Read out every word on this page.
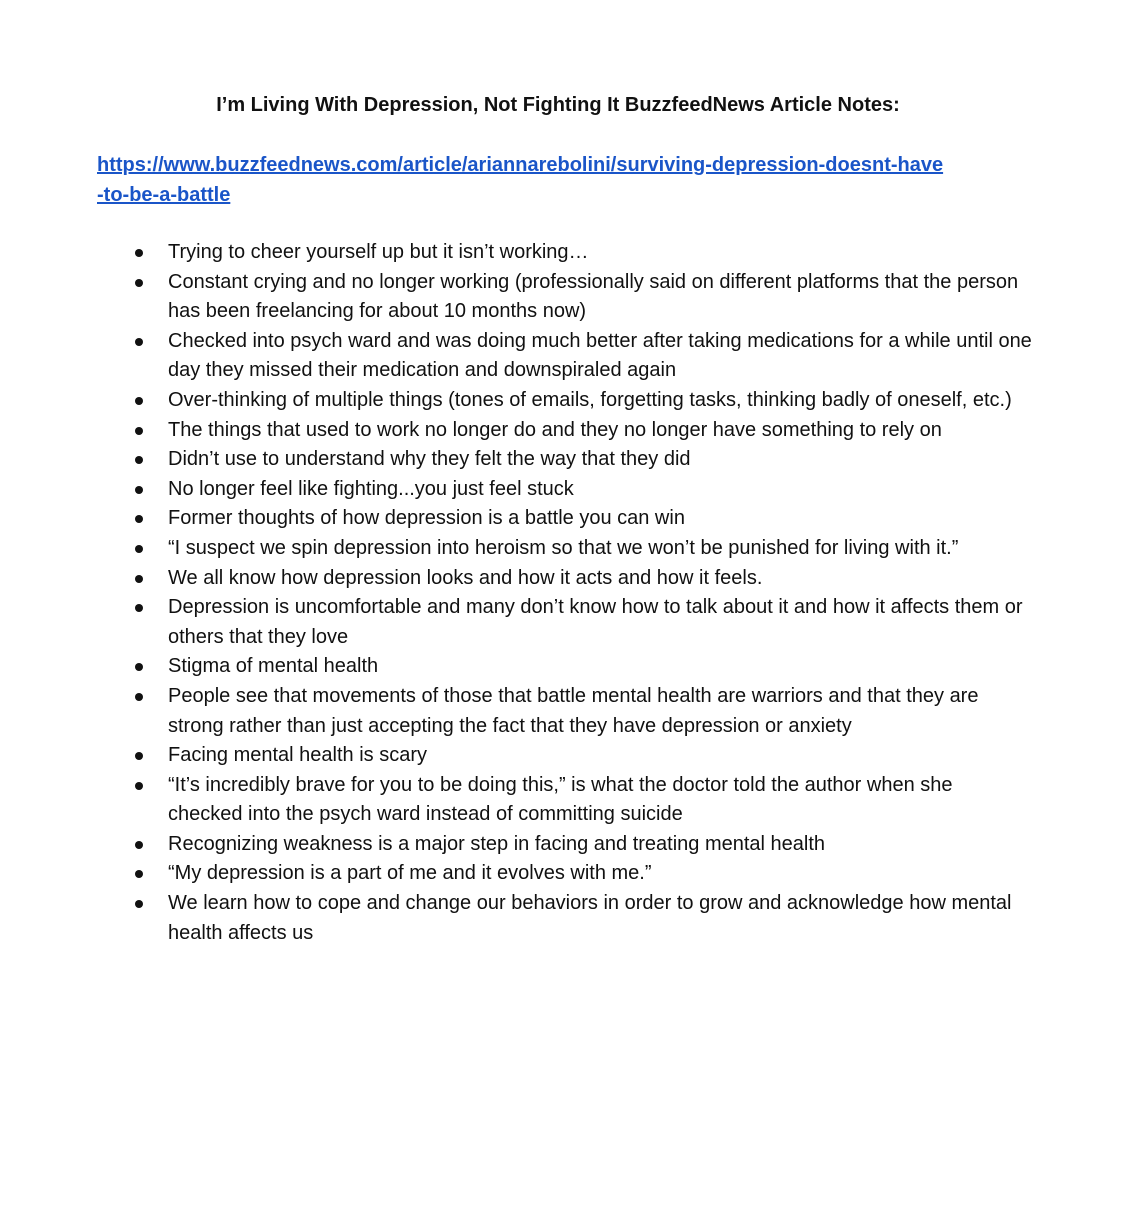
I’m Living With Depression, Not Fighting It BuzzfeedNews Article Notes:
https://www.buzzfeednews.com/article/ariannarebolini/surviving-depression-doesnt-have
-to-be-a-battle
Trying to cheer yourself up but it isn’t working…
Constant crying and no longer working (professionally said on different platforms that the person has been freelancing for about 10 months now)
Checked into psych ward and was doing much better after taking medications for a while until one day they missed their medication and downspiraled again
Over-thinking of multiple things (tones of emails, forgetting tasks, thinking badly of oneself, etc.)
The things that used to work no longer do and they no longer have something to rely on
Didn’t use to understand why they felt the way that they did
No longer feel like fighting...you just feel stuck
Former thoughts of how depression is a battle you can win
“I suspect we spin depression into heroism so that we won’t be punished for living with it.”
We all know how depression looks and how it acts and how it feels.
Depression is uncomfortable and many don’t know how to talk about it and how it affects them or others that they love
Stigma of mental health
People see that movements of those that battle mental health are warriors and that they are strong rather than just accepting the fact that they have depression or anxiety
Facing mental health is scary
“It’s incredibly brave for you to be doing this,” is what the doctor told the author when she checked into the psych ward instead of committing suicide
Recognizing weakness is a major step in facing and treating mental health
“My depression is a part of me and it evolves with me.”
We learn how to cope and change our behaviors in order to grow and acknowledge how mental health affects us
